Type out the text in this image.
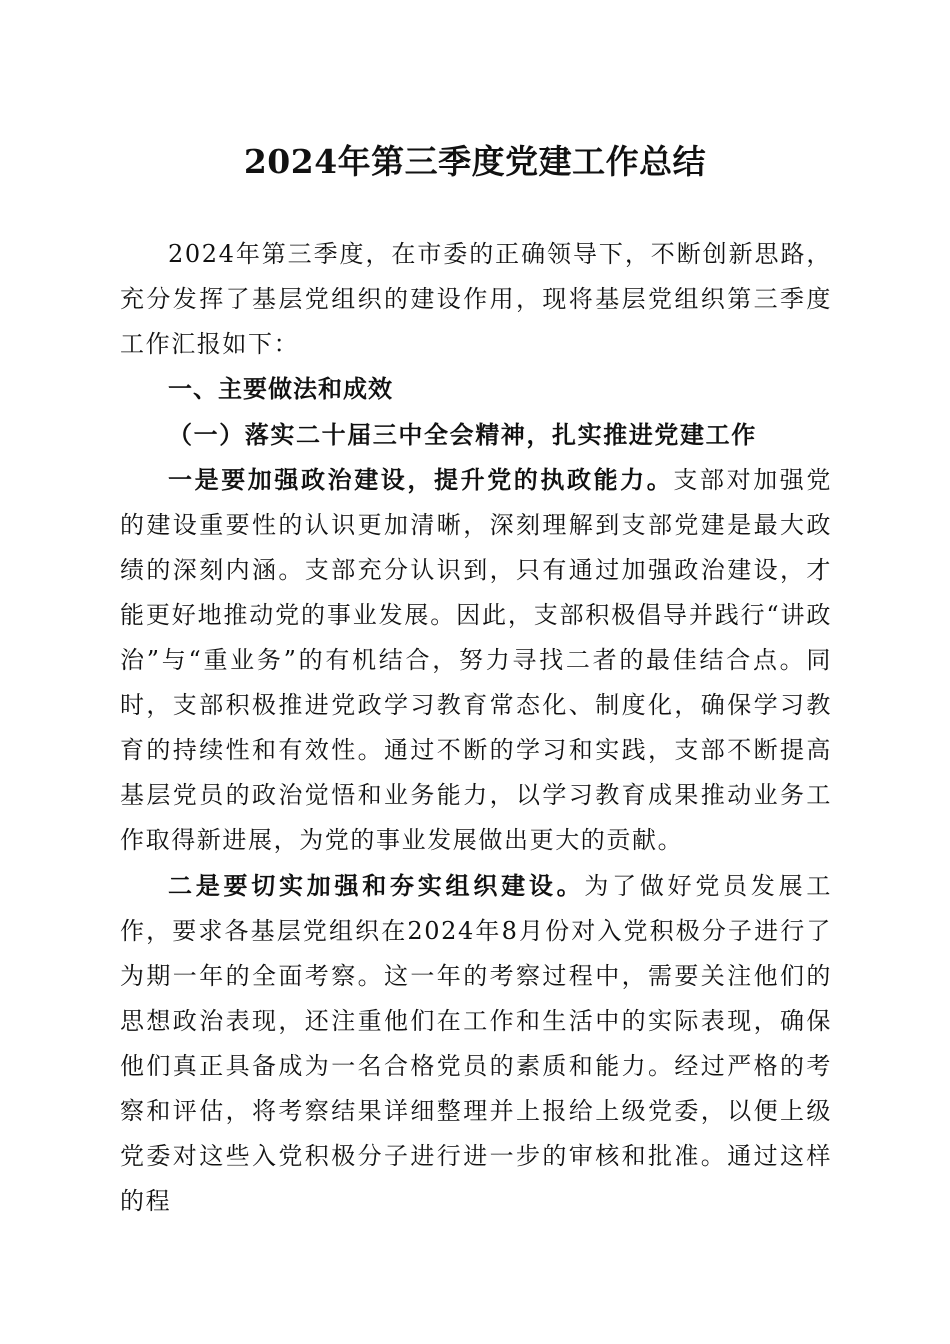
2024年第三季度党建工作总结

2024年第三季度，在市委的正确领导下，不断创新思路，充分发挥了基层党组织的建设作用，现将基层党组织第三季度工作汇报如下：

一、主要做法和成效

（一）落实二十届三中全会精神，扎实推进党建工作

一是要加强政治建设，提升党的执政能力。支部对加强党的建设重要性的认识更加清晰，深刻理解到支部党建是最大政绩的深刻内涵。支部充分认识到，只有通过加强政治建设，才能更好地推动党的事业发展。因此，支部积极倡导并践行“讲政治”与“重业务”的有机结合，努力寻找二者的最佳结合点。同时，支部积极推进党政学习教育常态化、制度化，确保学习教育的持续性和有效性。通过不断的学习和实践，支部不断提高基层党员的政治觉悟和业务能力，以学习教育成果推动业务工作取得新进展，为党的事业发展做出更大的贡献。

二是要切实加强和夯实组织建设。为了做好党员发展工作，要求各基层党组织在2024年8月份对入党积极分子进行了为期一年的全面考察。这一年的考察过程中，需要关注他们的思想政治表现，还注重他们在工作和生活中的实际表现，确保他们真正具备成为一名合格党员的素质和能力。经过严格的考察和评估，将考察结果详细整理并上报给上级党委，以便上级党委对这些入党积极分子进行进一步的审核和批准。通过这样的程
